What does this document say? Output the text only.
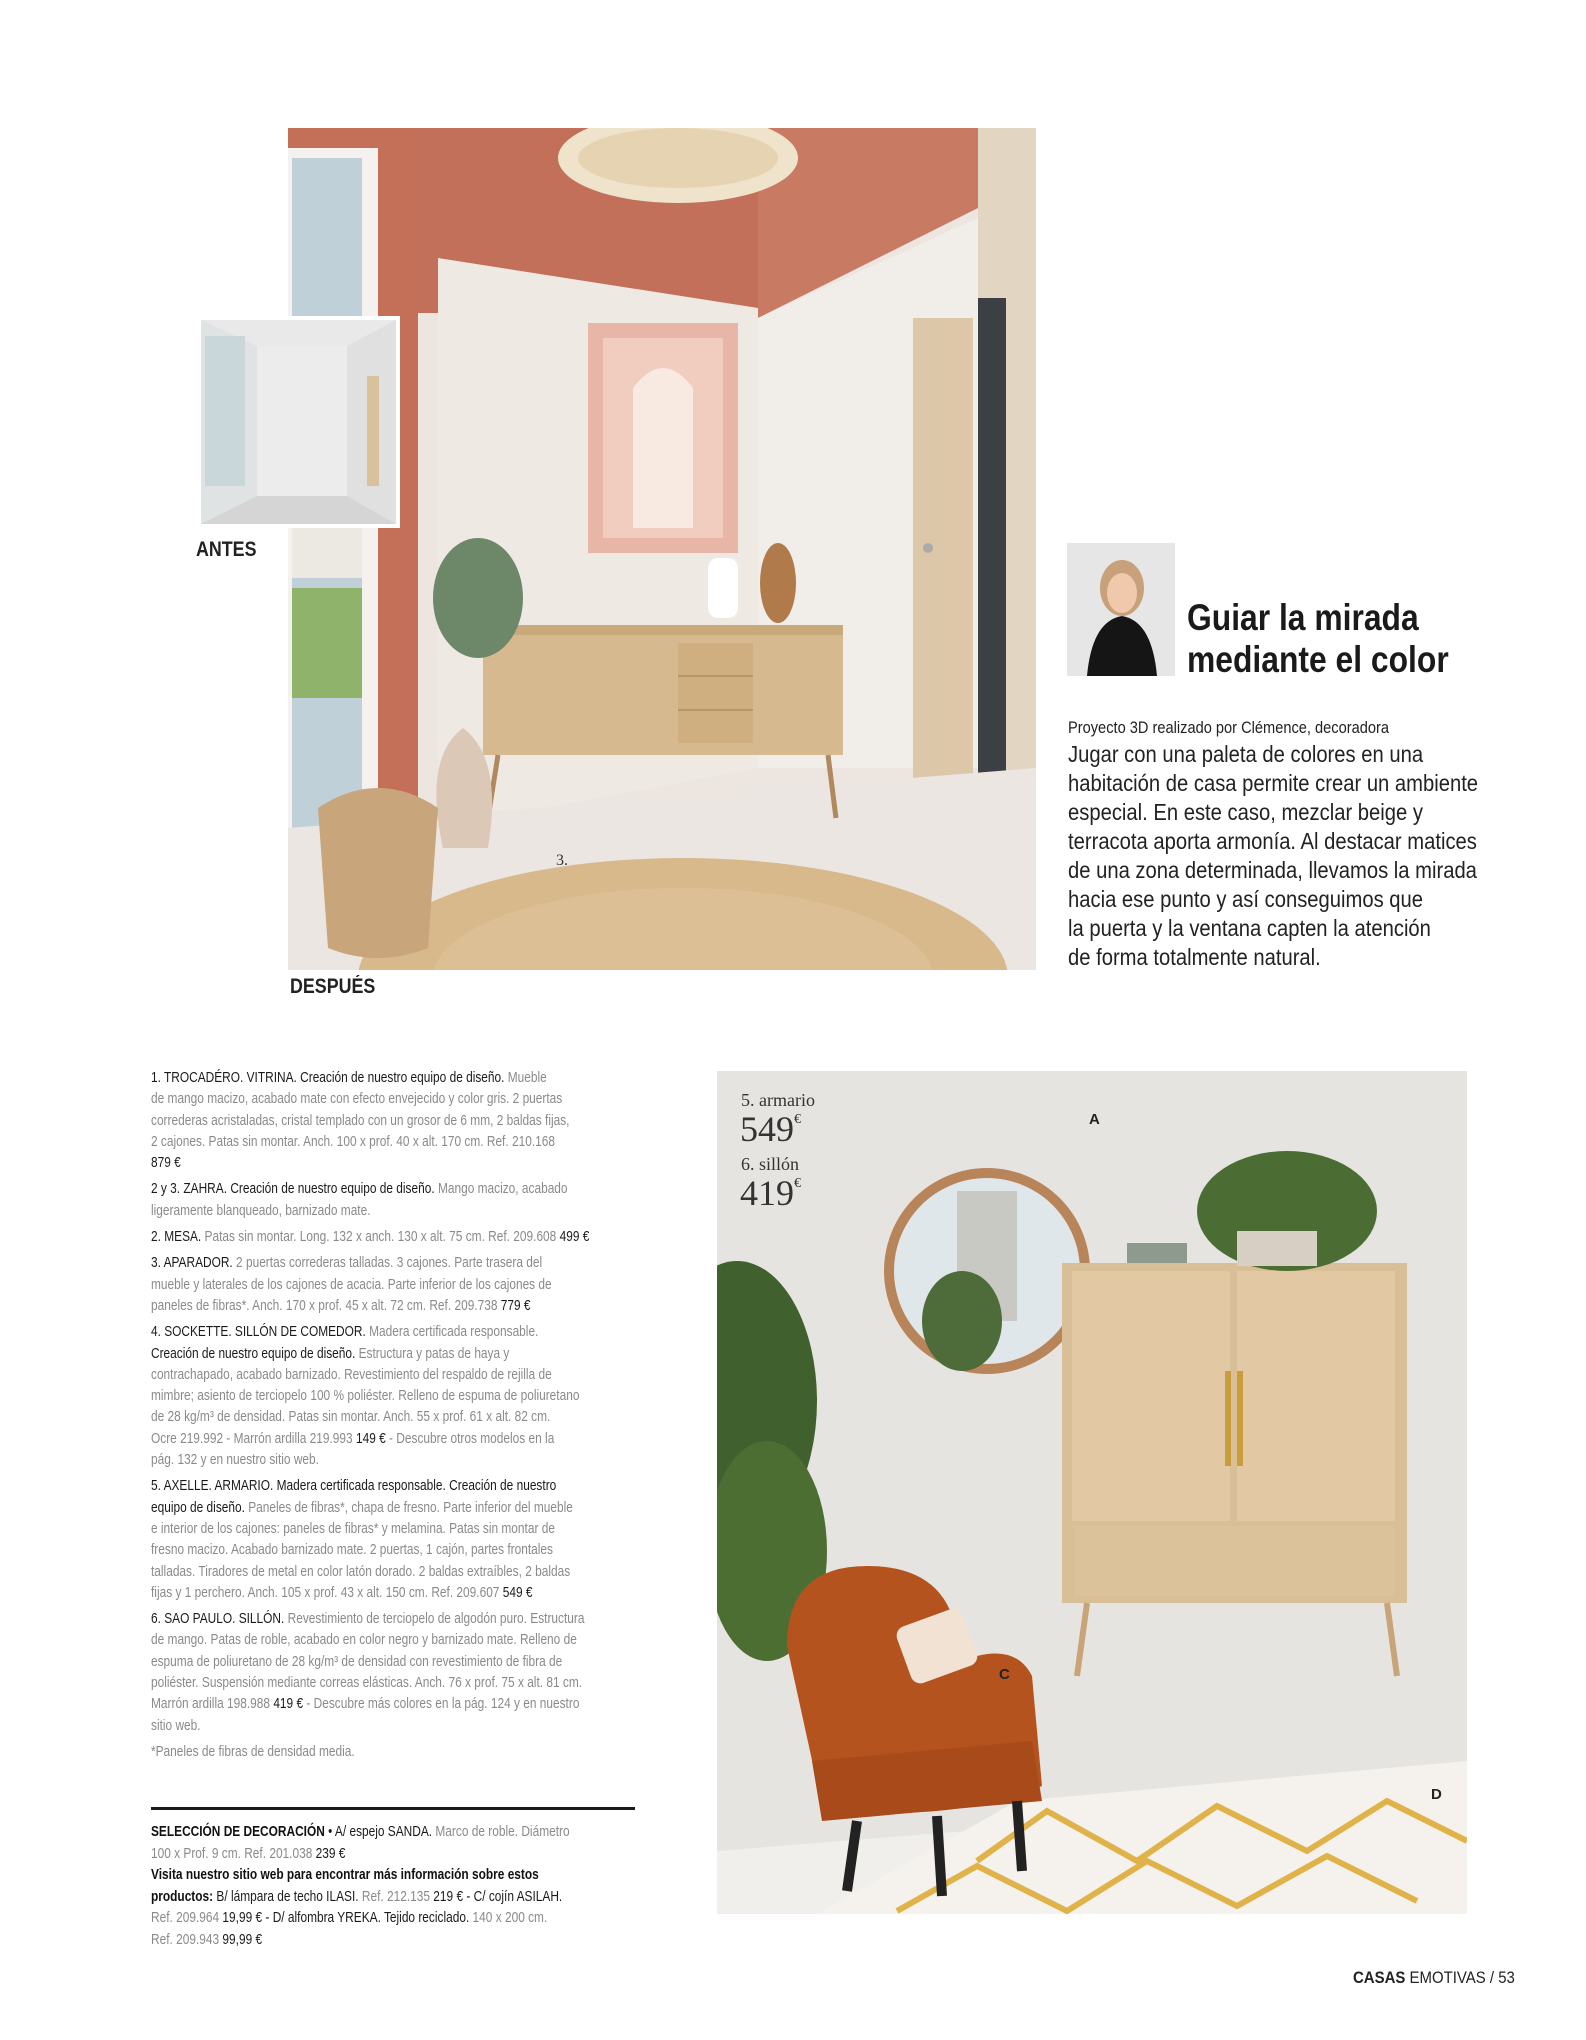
3.
ANTES
DESPUÉS
Guiar la mirada
mediante el color
Proyecto 3D realizado por Clémence, decoradora

Jugar con una paleta de colores en una

habitación de casa permite crear un ambiente

especial. En este caso, mezclar beige y

terracota aporta armonía. Al destacar matices

de una zona determinada, llevamos la mirada

hacia ese punto y así conseguimos que

la puerta y la ventana capten la atención

de forma totalmente natural.

1. TROCADÉRO. VITRINA. Creación de nuestro equipo de diseño. Mueble
de mango macizo, acabado mate con efecto envejecido y color gris. 2 puertas
correderas acristaladas, cristal templado con un grosor de 6 mm, 2 baldas fijas,
2 cajones. Patas sin montar. Anch. 100 x prof. 40 x alt. 170 cm. Ref. 210.168
879 €
2 y 3. ZAHRA. Creación de nuestro equipo de diseño. Mango macizo, acabado
ligeramente blanqueado, barnizado mate.
2. MESA. Patas sin montar. Long. 132 x anch. 130 x alt. 75 cm. Ref. 209.608 499 €
3. APARADOR. 2 puertas correderas talladas. 3 cajones. Parte trasera del
mueble y laterales de los cajones de acacia. Parte inferior de los cajones de
paneles de fibras*. Anch. 170 x prof. 45 x alt. 72 cm. Ref. 209.738 779 €
4. SOCKETTE. SILLÓN DE COMEDOR. Madera certificada responsable.
Creación de nuestro equipo de diseño. Estructura y patas de haya y
contrachapado, acabado barnizado. Revestimiento del respaldo de rejilla de
mimbre; asiento de terciopelo 100 % poliéster. Relleno de espuma de poliuretano
de 28 kg/m³ de densidad. Patas sin montar. Anch. 55 x prof. 61 x alt. 82 cm.
Ocre 219.992 - Marrón ardilla 219.993 149 € - Descubre otros modelos en la
pág. 132 y en nuestro sitio web.
5. AXELLE. ARMARIO. Madera certificada responsable. Creación de nuestro
equipo de diseño. Paneles de fibras*, chapa de fresno. Parte inferior del mueble
e interior de los cajones: paneles de fibras* y melamina. Patas sin montar de
fresno macizo. Acabado barnizado mate. 2 puertas, 1 cajón, partes frontales
talladas. Tiradores de metal en color latón dorado. 2 baldas extraíbles, 2 baldas
fijas y 1 perchero. Anch. 105 x prof. 43 x alt. 150 cm. Ref. 209.607 549 €
6. SAO PAULO. SILLÓN. Revestimiento de terciopelo de algodón puro. Estructura
de mango. Patas de roble, acabado en color negro y barnizado mate. Relleno de
espuma de poliuretano de 28 kg/m³ de densidad con revestimiento de fibra de
poliéster. Suspensión mediante correas elásticas. Anch. 76 x prof. 75 x alt. 81 cm.
Marrón ardilla 198.988 419 € - Descubre más colores en la pág. 124 y en nuestro
sitio web.
*Paneles de fibras de densidad media.
SELECCIÓN DE DECORACIÓN • A/ espejo SANDA. Marco de roble. Diámetro
100 x Prof. 9 cm. Ref. 201.038 239 €
Visita nuestro sitio web para encontrar más información sobre estos
productos: B/ lámpara de techo ILASI. Ref. 212.135 219 € - C/ cojín ASILAH.
Ref. 209.964 19,99 € - D/ alfombra YREKA. Tejido reciclado. 140 x 200 cm.
Ref. 209.943 99,99 €
A
C
D
5. armario
549€
6. sillón
419€
CASAS EMOTIVAS / 53
